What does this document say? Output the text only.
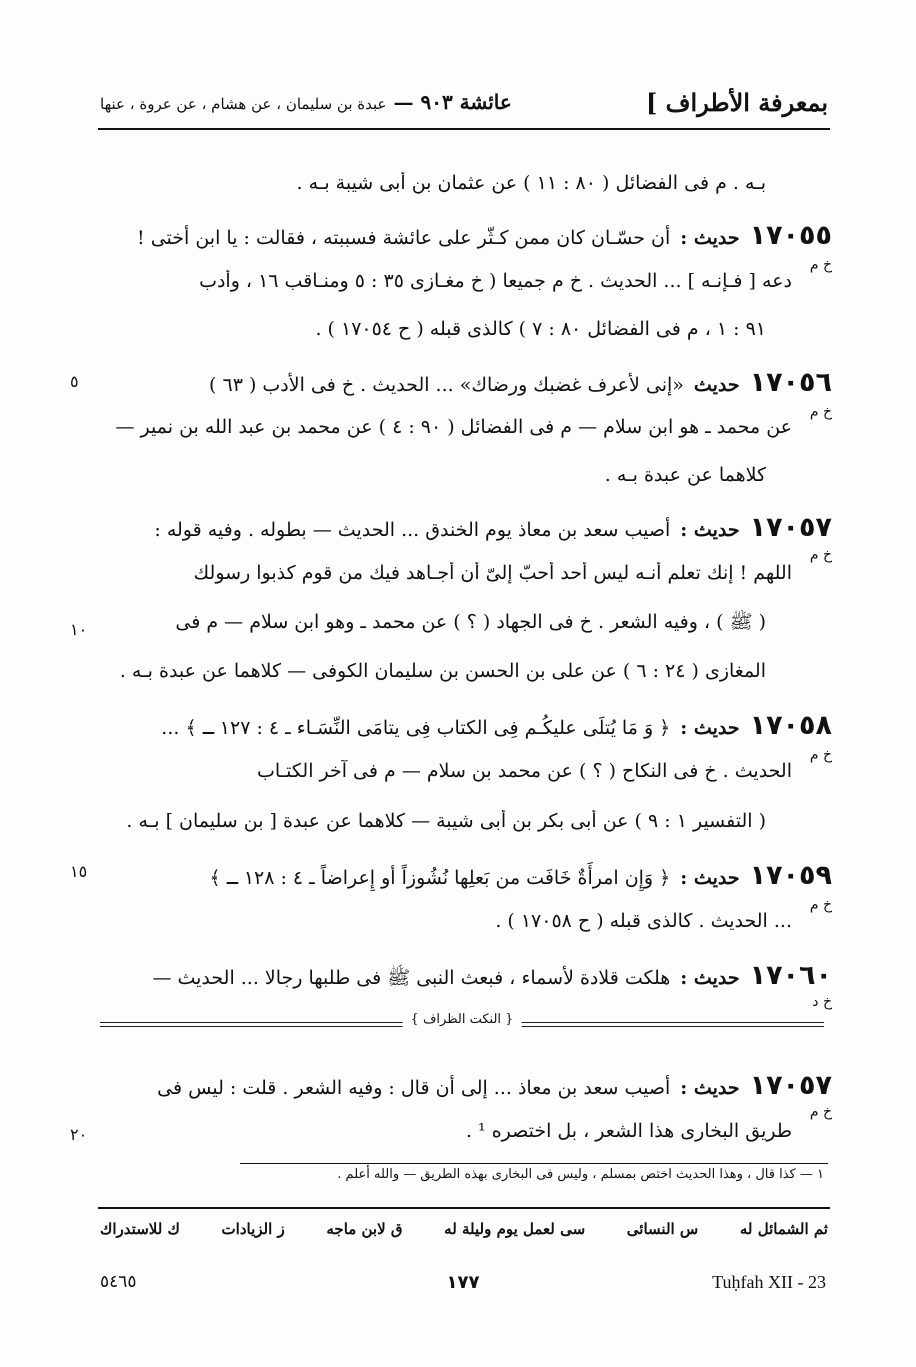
بمعرفة الأطراف ]
عائشة ٩٠٣ — عبدة بن سليمان ، عن هشام ، عن عروة ، عنها
بـه . م فى الفضائل ( ٨٠ : ١١ ) عن عثمان بن أبى شيبة بـه .
١٧٠٥٥
حديث :
أن حسّـان كان ممن كـثّر على عائشة فسببته ، فقالت : يا ابن أختى !
دعه [ فـإنـه ] ... الحديث . خ م جميعا ( خ مغـازى ٣٥ : ٥ ومنـاقب ١٦ ، وأدب
٩١ : ١ ، م فى الفضائل ٨٠ : ٧ ) كالذى قبله ( ح ١٧٠٥٤ ) .
١٧٠٥٦
حديث
«إنى لأعرف غضبك ورضاك» ... الحديث . خ فى الأدب ( ٦٣ )
عن محمد ـ هو ابن سلام — م فى الفضائل ( ٩٠ : ٤ ) عن محمد بن عبد الله بن نمير —
كلاهما عن عبدة بـه .
١٧٠٥٧
حديث :
أصيب سعد بن معاذ يوم الخندق ... الحديث — بطوله . وفيه قوله :
اللهم ! إنك تعلم أنـه ليس أحد أحبّ إلىّ أن أجـاهد فيك من قوم كذبوا رسولك
( ﷺ ) ، وفيه الشعر . خ فى الجهاد ( ؟ ) عن محمد ـ وهو ابن سلام — م فى
المغازى ( ٢٤ : ٦ ) عن على بن الحسن بن سليمان الكوفى — كلاهما عن عبدة بـه .
١٧٠٥٨
حديث :
﴿ وَ مَا يُتلَى عليكُـم فِى الكتاب فِى يتامَى النِّسَـاء ـ ٤ : ١٢٧ ـ ﴾ ...
الحديث . خ فى النكاح ( ؟ ) عن محمد بن سلام — م فى آخر الكتـاب
( التفسير ١ : ٩ ) عن أبى بكر بن أبى شيبة — كلاهما عن عبدة [ بن سليمان ] بـه .
١٧٠٥٩
حديث :
﴿ وَإِن امرأَةٌ خَافَت من بَعلِها نُشُوزاً أو إِعراضاً ـ ٤ : ١٢٨ ـ ﴾
... الحديث . كالذى قبله ( ح ١٧٠٥٨ ) .
١٧٠٦٠
حديث :
هلكت قلادة لأسماء ، فبعث النبى ﷺ فى طلبها رجالا ... الحديث —
١٧٠٥٧
حديث :
أصيب سعد بن معاذ ... إلى أن قال : وفيه الشعر . قلت : ليس فى
طريق البخارى هذا الشعر ، بل اختصره ¹ .
خ م
خ م
خ م
خ م
خ م
خ د
خ م
٥
١٠
١٥
٢٠
{ النكت الظراف }
١ — كذا قال ، وهذا الحديث اختص بمسلم ، وليس فى البخارى بهذه الطريق — والله أعلم .
ثم الشمائل له
س النسائى
سى لعمل يوم وليلة له
ق لابن ماجه
ز الزيادات
ك للاستدراك
٥٤٦٥	١٧٧	Tuḥfah XII - 23
